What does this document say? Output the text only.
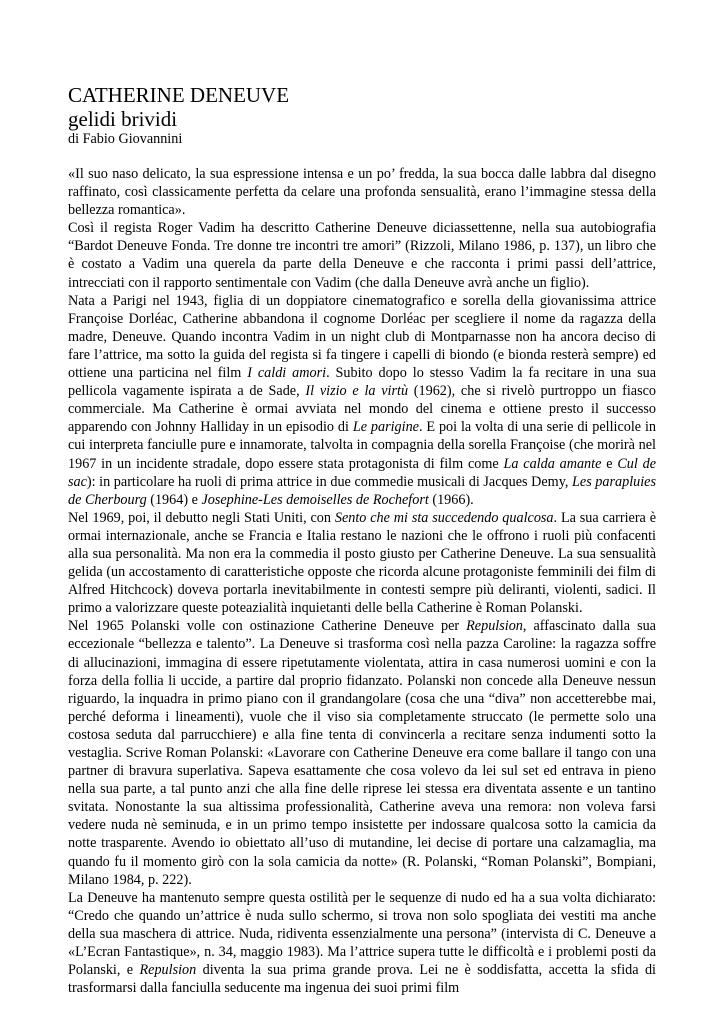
CATHERINE DENEUVE
gelidi brividi
di Fabio Giovannini

«Il suo naso delicato, la sua espressione intensa e un po’ fredda, la sua bocca dalle labbra dal disegno raffinato, così classicamente perfetta da celare una profonda sensualità, erano l’immagine stessa della bellezza romantica».

Così il regista Roger Vadim ha descritto Catherine Deneuve diciassettenne, nella sua autobiografia “Bardot Deneuve Fonda. Tre donne tre incontri tre amori” (Rizzoli, Milano 1986, p. 137), un libro che è costato a Vadim una querela da parte della Deneuve e che racconta i primi passi dell’attrice, intrecciati con il rapporto sentimentale con Vadim (che dalla Deneuve avrà anche un figlio).

Nata a Parigi nel 1943, figlia di un doppiatore cinematografico e sorella della giovanissima attrice Françoise Dorléac, Catherine abbandona il cognome Dorléac per scegliere il nome da ragazza della madre, Deneuve. Quando incontra Vadim in un night club di Montparnasse non ha ancora deciso di fare l’attrice, ma sotto la guida del regista si fa tingere i capelli di biondo (e bionda resterà sempre) ed ottiene una particina nel film I caldi amori. Subito dopo lo stesso Vadim la fa recitare in una sua pellicola vagamente ispirata a de Sade, Il vizio e la virtù (1962), che si rivelò purtroppo un fiasco commerciale. Ma Catherine è ormai avviata nel mondo del cinema e ottiene presto il successo apparendo con Johnny Halliday in un episodio di Le parigine. E poi la volta di una serie di pellicole in cui interpreta fanciulle pure e innamorate, talvolta in compagnia della sorella Françoise (che morirà nel 1967 in un incidente stradale, dopo essere stata protagonista di film come La calda amante e Cul de sac): in particolare ha ruoli di prima attrice in due commedie musicali di Jacques Demy, Les parapluies de Cherbourg (1964) e Josephine-Les demoiselles de Rochefort (1966).

Nel 1969, poi, il debutto negli Stati Uniti, con Sento che mi sta succedendo qualcosa. La sua carriera è ormai internazionale, anche se Francia e Italia restano le nazioni che le offrono i ruoli più confacenti alla sua personalità. Ma non era la commedia il posto giusto per Catherine Deneuve. La sua sensualità gelida (un accostamento di caratteristiche opposte che ricorda alcune protagoniste femminili dei film di Alfred Hitchcock) doveva portarla inevitabilmente in contesti sempre più deliranti, violenti, sadici. Il primo a valorizzare queste poteazialità inquietanti delle bella Catherine è Roman Polanski.

Nel 1965 Polanski volle con ostinazione Catherine Deneuve per Repulsion, affascinato dalla sua eccezionale “bellezza e talento”. La Deneuve si trasforma così nella pazza Caroline: la ragazza soffre di allucinazioni, immagina di essere ripetutamente violentata, attira in casa numerosi uomini e con la forza della follia li uccide, a partire dal proprio fidanzato. Polanski non concede alla Deneuve nessun riguardo, la inquadra in primo piano con il grandangolare (cosa che una “diva” non accetterebbe mai, perché deforma i lineamenti), vuole che il viso sia completamente struccato (le permette solo una costosa seduta dal parrucchiere) e alla fine tenta di convincerla a recitare senza indumenti sotto la vestaglia. Scrive Roman Polanski: «Lavorare con Catherine Deneuve era come ballare il tango con una partner di bravura superlativa. Sapeva esattamente che cosa volevo da lei sul set ed entrava in pieno nella sua parte, a tal punto anzi che alla fine delle riprese lei stessa era diventata assente e un tantino svitata. Nonostante la sua altissima professionalità, Catherine aveva una remora: non voleva farsi vedere nuda nè seminuda, e in un primo tempo insistette per indossare qualcosa sotto la camicia da notte trasparente. Avendo io obiettato all’uso di mutandine, lei decise di portare una calzamaglia, ma quando fu il momento girò con la sola camicia da notte» (R. Polanski, “Roman Polanski”, Bompiani, Milano 1984, p. 222).

La Deneuve ha mantenuto sempre questa ostilità per le sequenze di nudo ed ha a sua volta dichiarato: “Credo che quando un’attrice è nuda sullo schermo, si trova non solo spogliata dei vestiti ma anche della sua maschera di attrice. Nuda, ridiventa essenzialmente una persona” (intervista di C. Deneuve a «L’Ecran Fantastique», n. 34, maggio 1983). Ma l’attrice supera tutte le difficoltà e i problemi posti da Polanski, e Repulsion diventa la sua prima grande prova. Lei ne è soddisfatta, accetta la sfida di trasformarsi dalla fanciulla seducente ma ingenua dei suoi primi film
